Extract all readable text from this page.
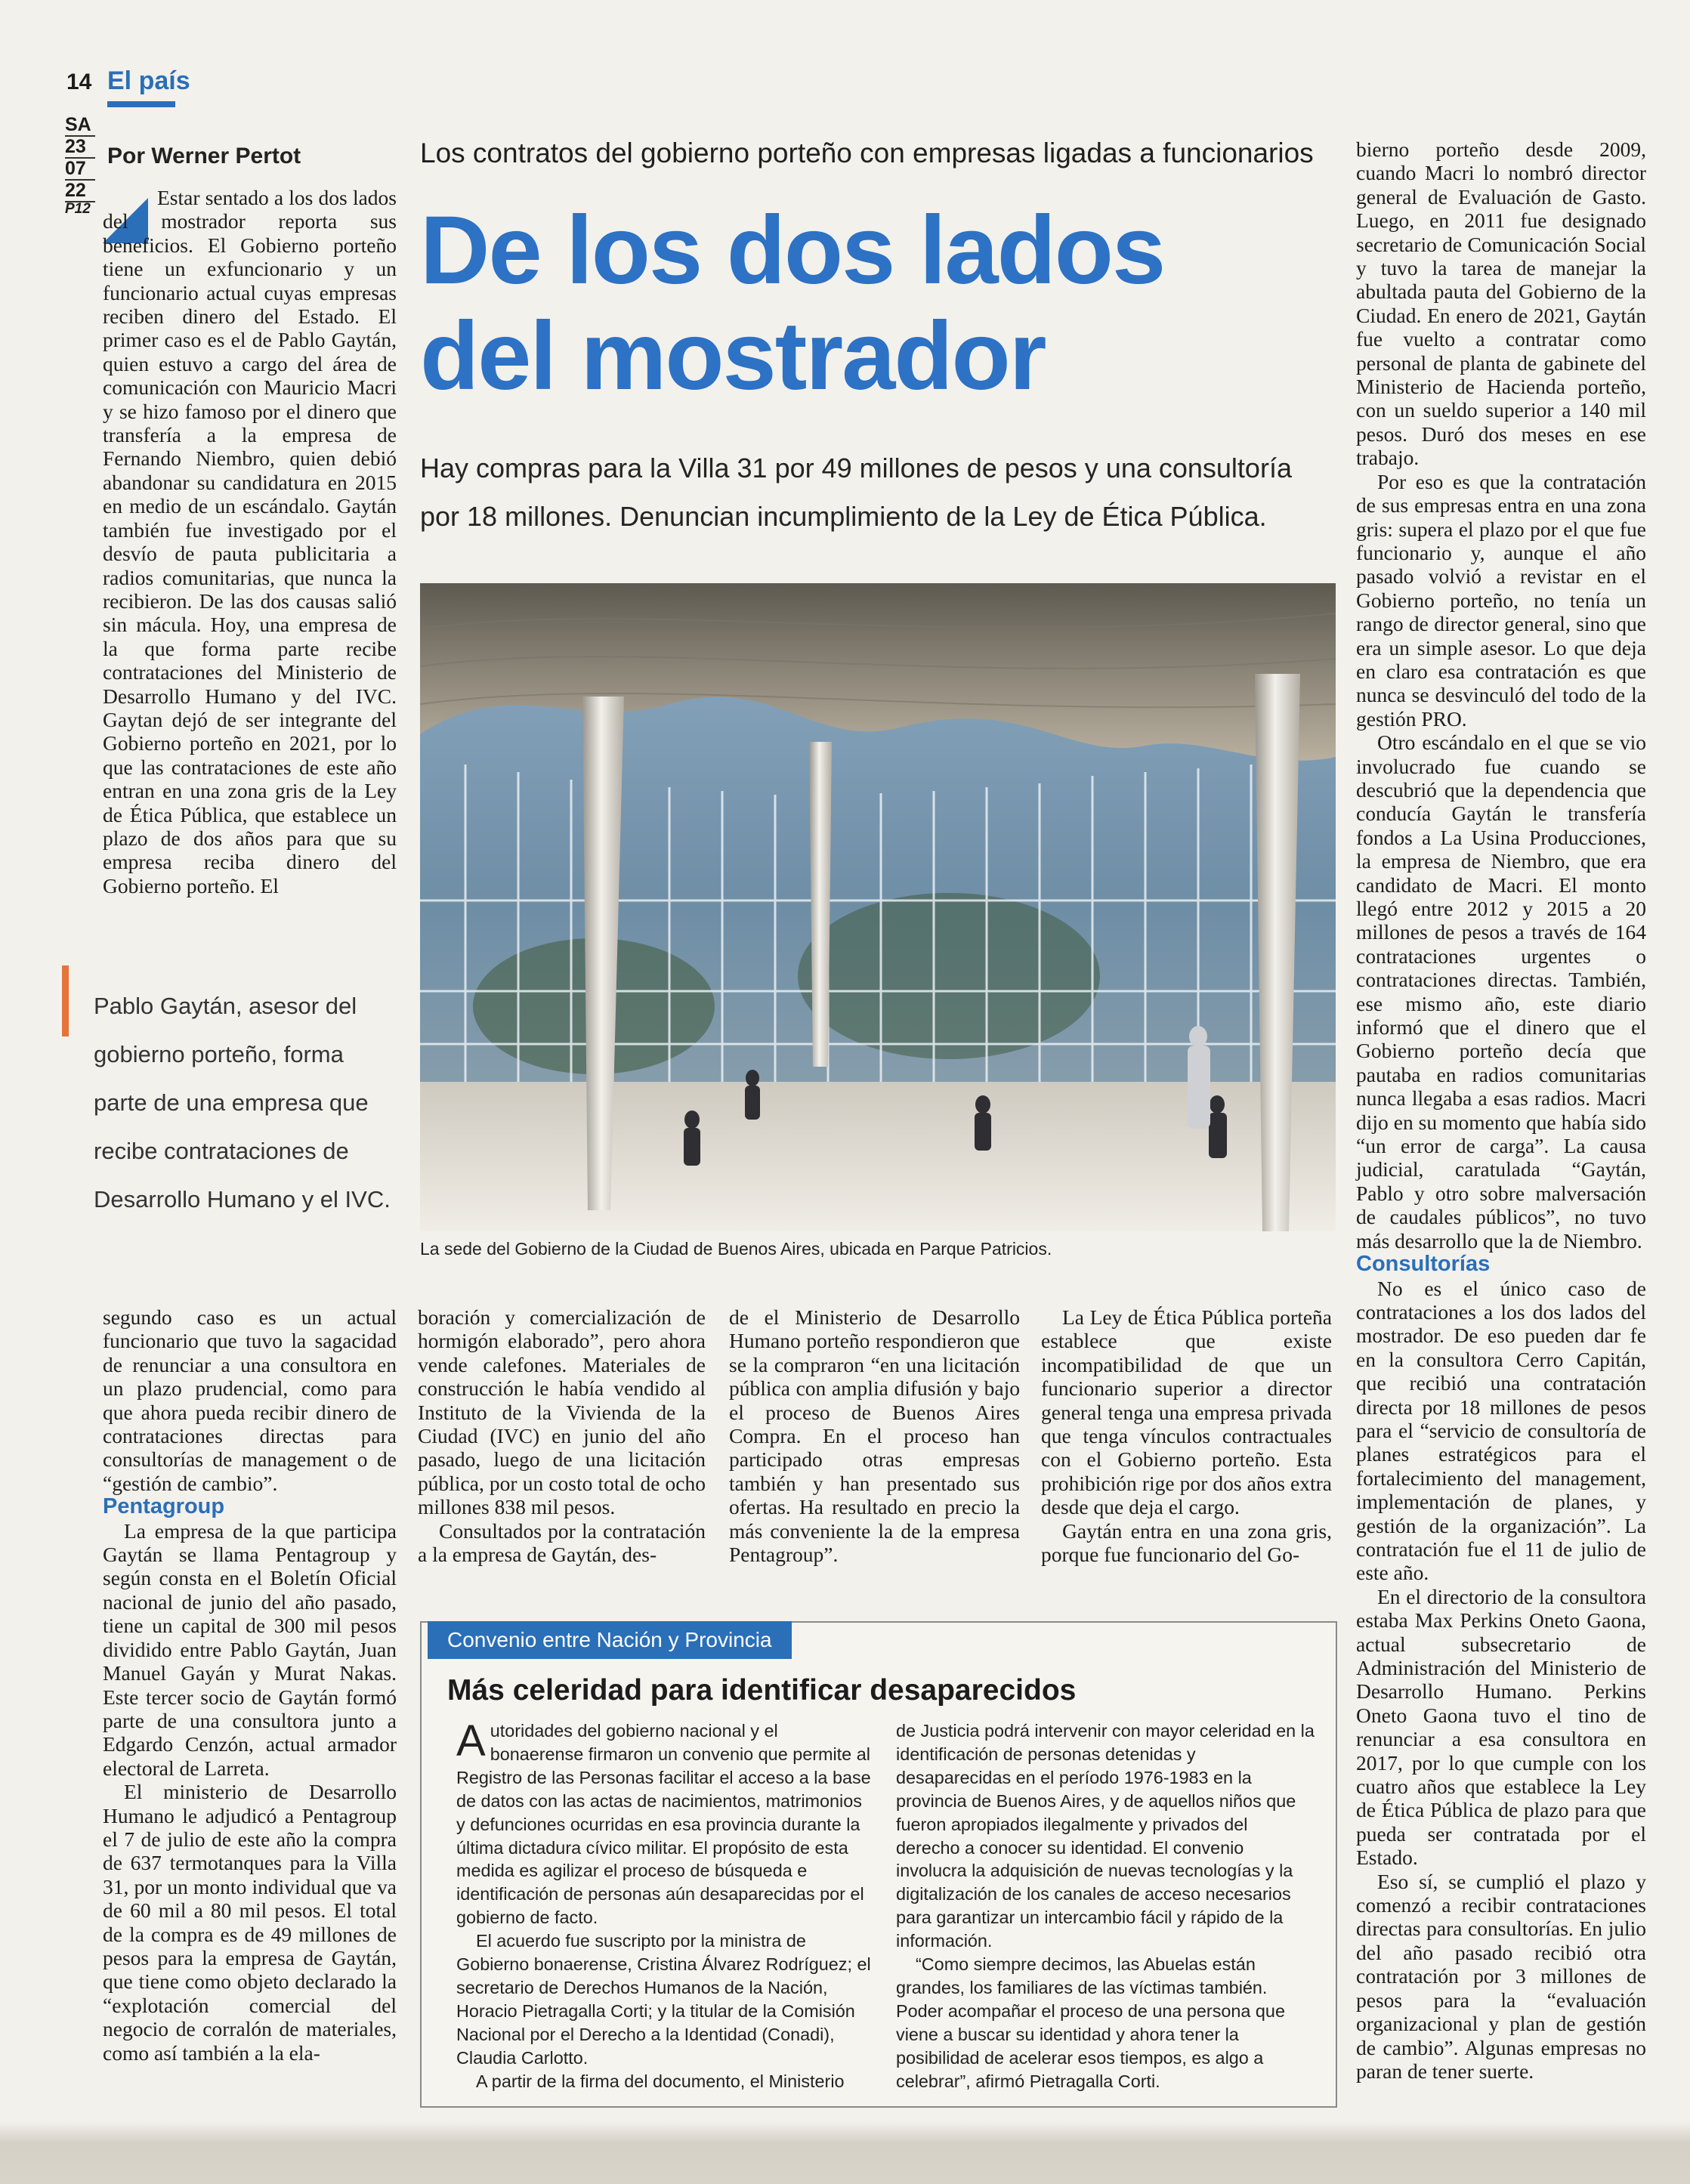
14 El país
SA
23
07
22
P12
Por Werner Pertot	Los contratos del gobierno porteño con empresas ligadas a funcionarios
De los dos lados del mostrador
Hay compras para la Villa 31 por 49 millones de pesos y una consultoría por 18 millones. Denuncian incumplimiento de la Ley de Ética Pública.

Estar sentado a los dos lados del mostrador reporta sus beneficios. El Gobierno porteño tiene un exfuncionario y un funcionario actual cuyas empresas reciben dinero del Estado. El primer caso es el de Pablo Gaytán, quien estuvo a cargo del área de comunicación con Mauricio Macri y se hizo famoso por el dinero que transfería a la empresa de Fernando Niembro, quien debió abandonar su candidatura en 2015 en medio de un escándalo. Gaytán también fue investigado por el desvío de pauta publicitaria a radios comunitarias, que nunca la recibieron. De las dos causas salió sin mácula. Hoy, una empresa de la que forma parte recibe contrataciones del Ministerio de Desarrollo Humano y del IVC. Gaytan dejó de ser integrante del Gobierno porteño en 2021, por lo que las contrataciones de este año entran en una zona gris de la Ley de Ética Pública, que establece un plazo de dos años para que su empresa reciba dinero del Gobierno porteño. El

Pablo Gaytán, asesor del gobierno porteño, forma parte de una empresa que recibe contrataciones de Desarrollo Humano y el IVC.
La sede del Gobierno de la Ciudad de Buenos Aires, ubicada en Parque Patricios.

segundo caso es un actual funcionario que tuvo la sagacidad de renunciar a una consultora en un plazo prudencial, como para que ahora pueda recibir dinero de contrataciones directas para consultorías de management o de “gestión de cambio”.

Pentagroup

La empresa de la que participa Gaytán se llama Pentagroup y según consta en el Boletín Oficial nacional de junio del año pasado, tiene un capital de 300 mil pesos dividido entre Pablo Gaytán, Juan Manuel Gayán y Murat Nakas. Este tercer socio de Gaytán formó parte de una consultora junto a Edgardo Cenzón, actual armador electoral de Larreta.

El ministerio de Desarrollo Humano le adjudicó a Pentagroup el 7 de julio de este año la compra de 637 termotanques para la Villa 31, por un monto individual que va de 60 mil a 80 mil pesos. El total de la compra es de 49 millones de pesos para la empresa de Gaytán, que tiene como objeto declarado la “explotación comercial del negocio de corralón de materiales, como así también a la ela-

boración y comercialización de hormigón elaborado”, pero ahora vende calefones. Materiales de construcción le había vendido al Instituto de la Vivienda de la Ciudad (IVC) en junio del año pasado, luego de una licitación pública, por un costo total de ocho millones 838 mil pesos.

Consultados por la contratación a la empresa de Gaytán, des-

de el Ministerio de Desarrollo Humano porteño respondieron que se la compraron “en una licitación pública con amplia difusión y bajo el proceso de Buenos Aires Compra. En el proceso han participado otras empresas también y han presentado sus ofertas. Ha resultado en precio la más conveniente la de la empresa Pentagroup”.

La Ley de Ética Pública porteña establece que existe incompatibilidad de que un funcionario superior a director general tenga una empresa privada que tenga vínculos contractuales con el Gobierno porteño. Esta prohibición rige por dos años extra desde que deja el cargo.

Gaytán entra en una zona gris, porque fue funcionario del Go-

bierno porteño desde 2009, cuando Macri lo nombró director general de Evaluación de Gasto. Luego, en 2011 fue designado secretario de Comunicación Social y tuvo la tarea de manejar la abultada pauta del Gobierno de la Ciudad. En enero de 2021, Gaytán fue vuelto a contratar como personal de planta de gabinete del Ministerio de Hacienda porteño, con un sueldo superior a 140 mil pesos. Duró dos meses en ese trabajo.

Por eso es que la contratación de sus empresas entra en una zona gris: supera el plazo por el que fue funcionario y, aunque el año pasado volvió a revistar en el Gobierno porteño, no tenía un rango de director general, sino que era un simple asesor. Lo que deja en claro esa contratación es que nunca se desvinculó del todo de la gestión PRO.

Otro escándalo en el que se vio involucrado fue cuando se descubrió que la dependencia que conducía Gaytán le transfería fondos a La Usina Producciones, la empresa de Niembro, que era candidato de Macri. El monto llegó entre 2012 y 2015 a 20 millones de pesos a través de 164 contrataciones urgentes o contrataciones directas. También, ese mismo año, este diario informó que el dinero que el Gobierno porteño decía que pautaba en radios comunitarias nunca llegaba a esas radios. Macri dijo en su momento que había sido “un error de carga”. La causa judicial, caratulada “Gaytán, Pablo y otro sobre malversación de caudales públicos”, no tuvo más desarrollo que la de Niembro.

Consultorías

No es el único caso de contrataciones a los dos lados del mostrador. De eso pueden dar fe en la consultora Cerro Capitán, que recibió una contratación directa por 18 millones de pesos para el “servicio de consultoría de planes estratégicos para el fortalecimiento del management, implementación de planes, y gestión de la organización”. La contratación fue el 11 de julio de este año.

En el directorio de la consultora estaba Max Perkins Oneto Gaona, actual subsecretario de Administración del Ministerio de Desarrollo Humano. Perkins Oneto Gaona tuvo el tino de renunciar a esa consultora en 2017, por lo que cumple con los cuatro años que establece la Ley de Ética Pública de plazo para que pueda ser contratada por el Estado.

Eso sí, se cumplió el plazo y comenzó a recibir contrataciones directas para consultorías. En julio del año pasado recibió otra contratación por 3 millones de pesos para la “evaluación organizacional y plan de gestión de cambio”. Algunas empresas no paran de tener suerte.

Convenio entre Nación y Provincia
Más celeridad para identificar desaparecidos

Autoridades del gobierno nacional y el bonaerense firmaron un convenio que permite al Registro de las Personas facilitar el acceso a la base de datos con las actas de nacimientos, matrimonios y defunciones ocurridas en esa provincia durante la última dictadura cívico militar. El propósito de esta medida es agilizar el proceso de búsqueda e identificación de personas aún desaparecidas por el gobierno de facto.

El acuerdo fue suscripto por la ministra de Gobierno bonaerense, Cristina Álvarez Rodríguez; el secretario de Derechos Humanos de la Nación, Horacio Pietragalla Corti; y la titular de la Comisión Nacional por el Derecho a la Identidad (Conadi), Claudia Carlotto.

A partir de la firma del documento, el Ministerio

de Justicia podrá intervenir con mayor celeridad en la identificación de personas detenidas y desaparecidas en el período 1976-1983 en la provincia de Buenos Aires, y de aquellos niños que fueron apropiados ilegalmente y privados del derecho a conocer su identidad. El convenio involucra la adquisición de nuevas tecnologías y la digitalización de los canales de acceso necesarios para garantizar un intercambio fácil y rápido de la información.

“Como siempre decimos, las Abuelas están grandes, los familiares de las víctimas también. Poder acompañar el proceso de una persona que viene a buscar su identidad y ahora tener la posibilidad de acelerar esos tiempos, es algo a celebrar”, afirmó Pietragalla Corti.
